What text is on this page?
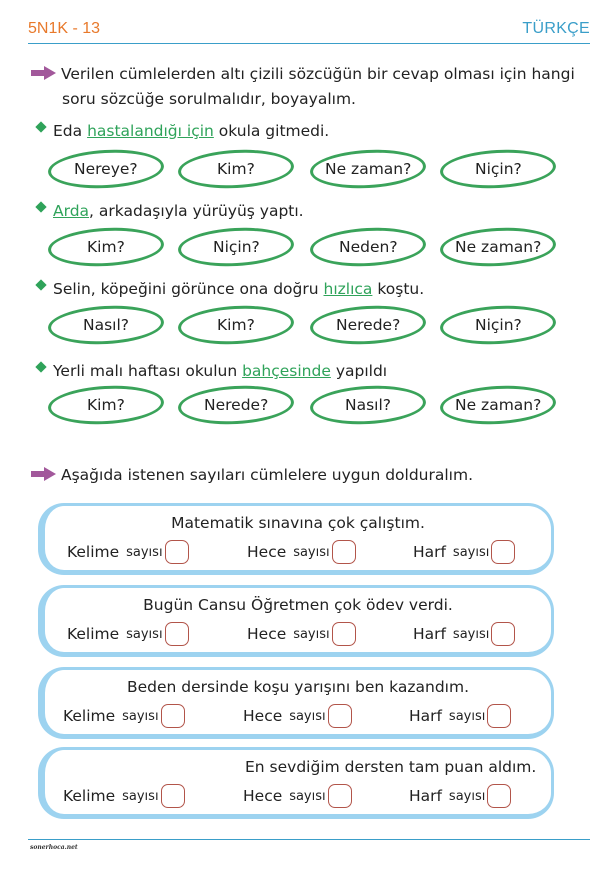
5N1K - 13	TÜRKÇE
Verilen cümlelerden altı çizili sözcüğün bir cevap olması için hangi
soru sözcüğe sorulmalıdır, boyayalım.
Eda hastalandığı için okula gitmedi.
Nereye?	Kim?	Ne zaman?	Niçin?
Arda, arkadaşıyla yürüyüş yaptı.
Kim?	Niçin?	Neden?	Ne zaman?
Selin, köpeğini görünce ona doğru hızlıca koştu.
Nasıl?	Kim?	Nerede?	Niçin?
Yerli malı haftası okulun bahçesinde yapıldı
Kim?	Nerede?	Nasıl?	Ne zaman?
Aşağıda istenen sayıları cümlelere uygun dolduralım.
Matematik sınavına çok çalıştım.
Kelime
sayısı	Hece
sayısı	Harf
sayısı
Bugün Cansu Öğretmen çok ödev verdi.
Kelime
sayısı	Hece
sayısı	Harf
sayısı
Beden dersinde koşu yarışını ben kazandım.
Kelime
sayısı	Hece
sayısı	Harf
sayısı
En sevdiğim dersten tam puan aldım.
Kelime
sayısı	Hece
sayısı	Harf
sayısı
sonerhoca.net
